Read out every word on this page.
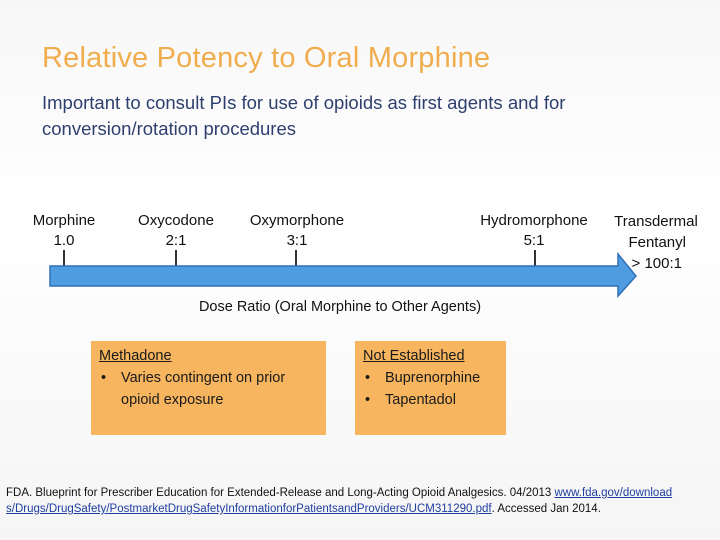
Relative Potency to Oral Morphine
Important to consult PIs for use of opioids as first agents and for conversion/rotation procedures
Morphine
1.0
Oxycodone
2:1
Oxymorphone
3:1
Hydromorphone
5:1
Transdermal
Fentanyl
> 100:1
Dose Ratio (Oral Morphine to Other Agents)
Methadone
• Varies contingent on prior opioid exposure
Not Established
• Buprenorphine
• Tapentadol
FDA. Blueprint for Prescriber Education for Extended-Release and Long-Acting Opioid Analgesics. 04/2013 www.fda.gov/downloads/Drugs/DrugSafety/PostmarketDrugSafetyInformationforPatientsandProviders/UCM311290.pdf. Accessed Jan 2014.
